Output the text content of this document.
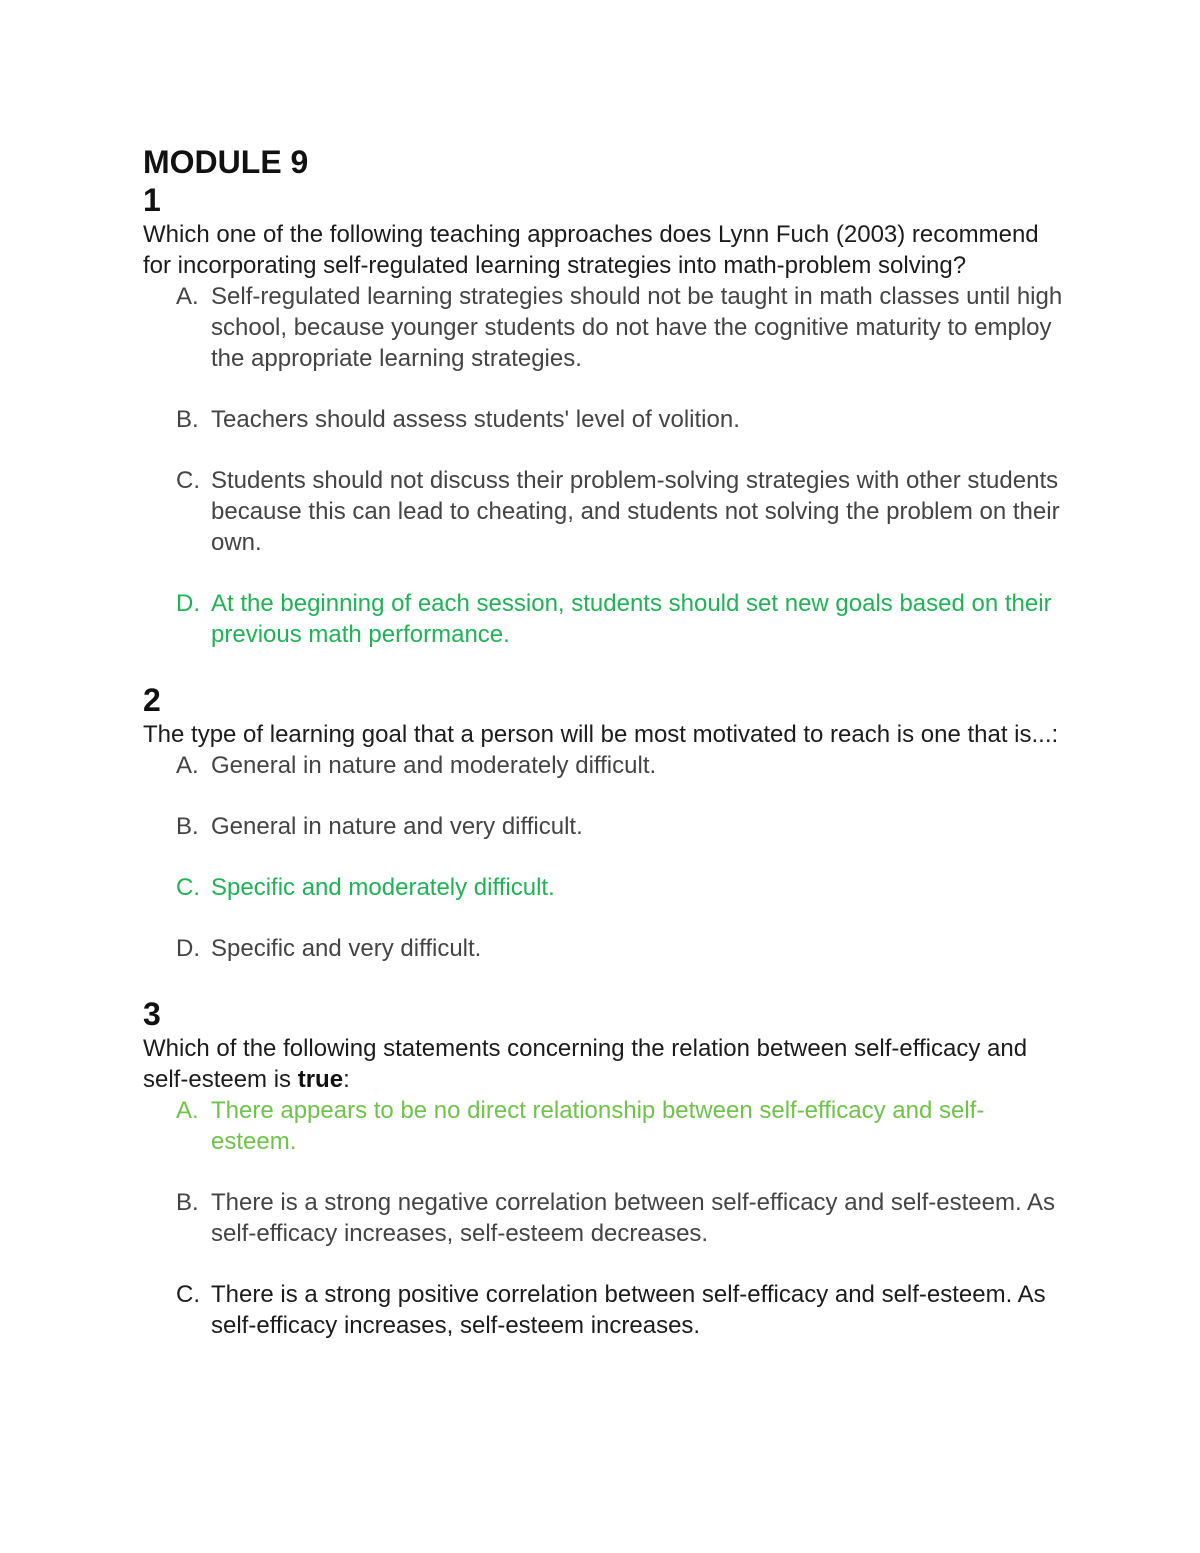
MODULE 9
1

Which one of the following teaching approaches does Lynn Fuch (2003) recommend for incorporating self-regulated learning strategies into math-problem solving?

A. Self-regulated learning strategies should not be taught in math classes until high school, because younger students do not have the cognitive maturity to employ the appropriate learning strategies.
B. Teachers should assess students' level of volition.
C. Students should not discuss their problem-solving strategies with other students because this can lead to cheating, and students not solving the problem on their own.
D. At the beginning of each session, students should set new goals based on their previous math performance.
2

The type of learning goal that a person will be most motivated to reach is one that is...:

A. General in nature and moderately difficult.
B. General in nature and very difficult.
C. Specific and moderately difficult.
D. Specific and very difficult.
3

Which of the following statements concerning the relation between self-efficacy and self-esteem is true:

A. There appears to be no direct relationship between self-efficacy and self-esteem.
B. There is a strong negative correlation between self-efficacy and self-esteem. As self-efficacy increases, self-esteem decreases.
C. There is a strong positive correlation between self-efficacy and self-esteem. As self-efficacy increases, self-esteem increases.
